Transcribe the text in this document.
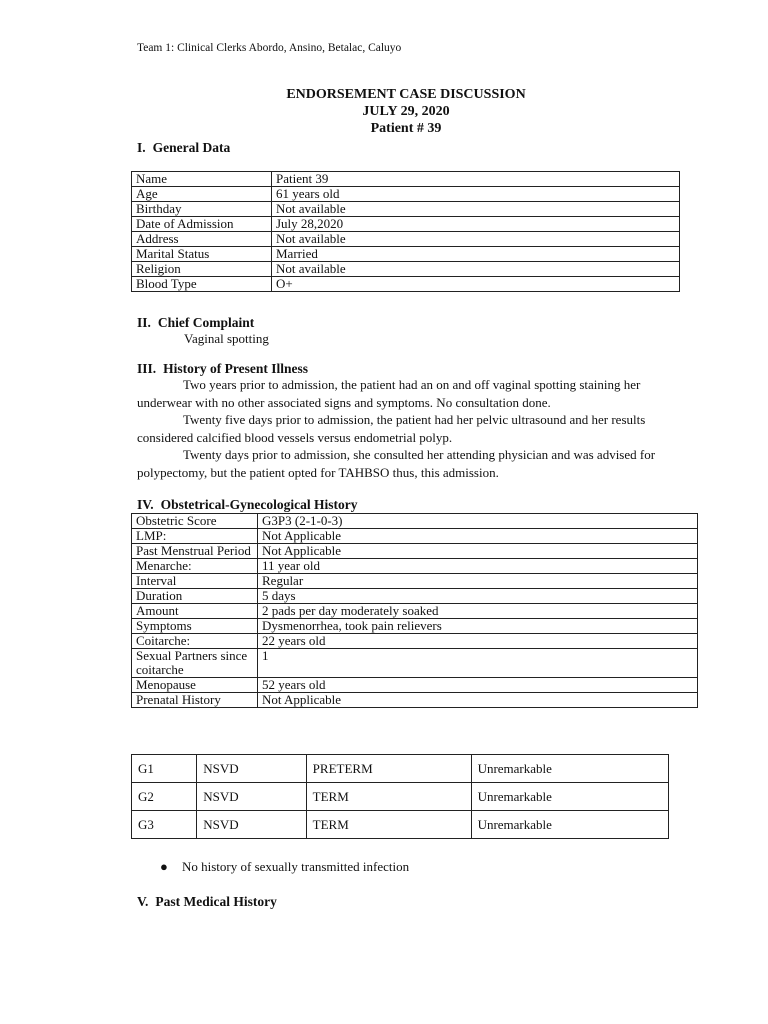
Team 1: Clinical Clerks Abordo, Ansino, Betalac, Caluyo
ENDORSEMENT CASE DISCUSSION
JULY 29, 2020
Patient # 39
I. General Data
Name	Patient 39
Age	61 years old
Birthday	Not available
Date of Admission	July 28,2020
Address	Not available
Marital Status	Married
Religion	Not available
Blood Type	O+
II. Chief Complaint
Vaginal spotting
III. History of Present Illness

Two years prior to admission, the patient had an on and off vaginal spotting staining her underwear with no other associated signs and symptoms. No consultation done.

Twenty five days prior to admission, the patient had her pelvic ultrasound and her results considered calcified blood vessels versus endometrial polyp.

Twenty days prior to admission, she consulted her attending physician and was advised for polypectomy, but the patient opted for TAHBSO thus, this admission.

IV. Obstetrical-Gynecological History
Obstetric Score	G3P3 (2-1-0-3)
LMP:	Not Applicable
Past Menstrual Period	Not Applicable
Menarche:	11 year old
Interval	Regular
Duration	5 days
Amount	2 pads per day moderately soaked
Symptoms	Dysmenorrhea, took pain relievers
Coitarche:	22 years old
Sexual Partners since coitarche	1
Menopause	52 years old
Prenatal History	Not Applicable
G1	NSVD	PRETERM	Unremarkable
G2	NSVD	TERM	Unremarkable
G3	NSVD	TERM	Unremarkable
● No history of sexually transmitted infection
V. Past Medical History
